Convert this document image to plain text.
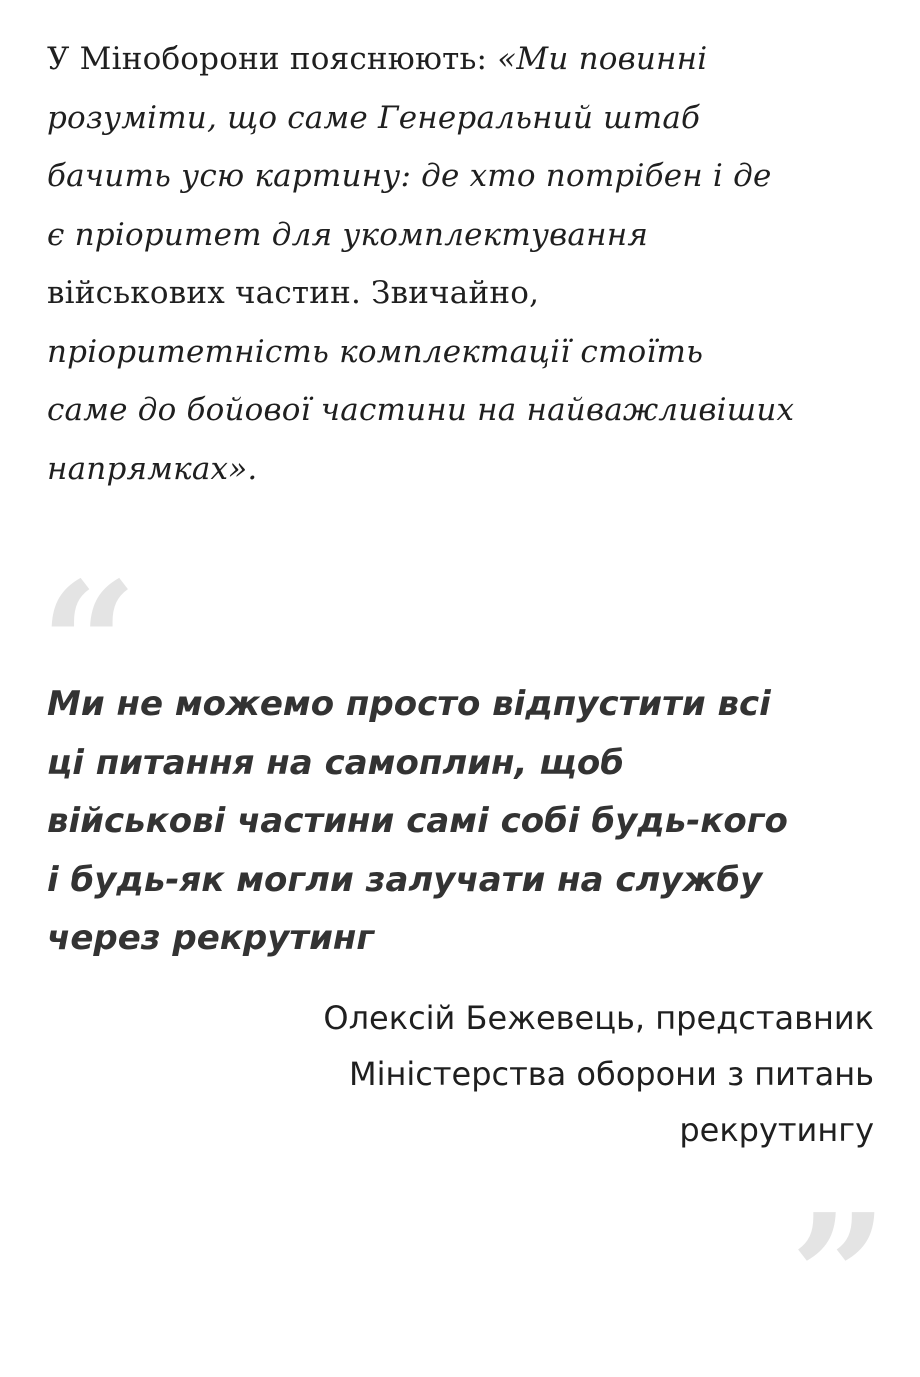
У Міноборони пояснюють: «Ми повинні
розуміти, що саме Генеральний штаб
бачить усю картину: де хто потрібен і де
є пріоритет для укомплектування
військових частин. Звичайно,
пріоритетність комплектації стоїть
саме до бойової частини на найважливіших
напрямках».
“
Ми не можемо просто відпустити всі
ці питання на самоплин, щоб
військові частини самі собі будь-кого
і будь-як могли залучати на службу
через рекрутинг
Олексій Бежевець, представник
Міністерства оборони з питань
рекрутингу
”
